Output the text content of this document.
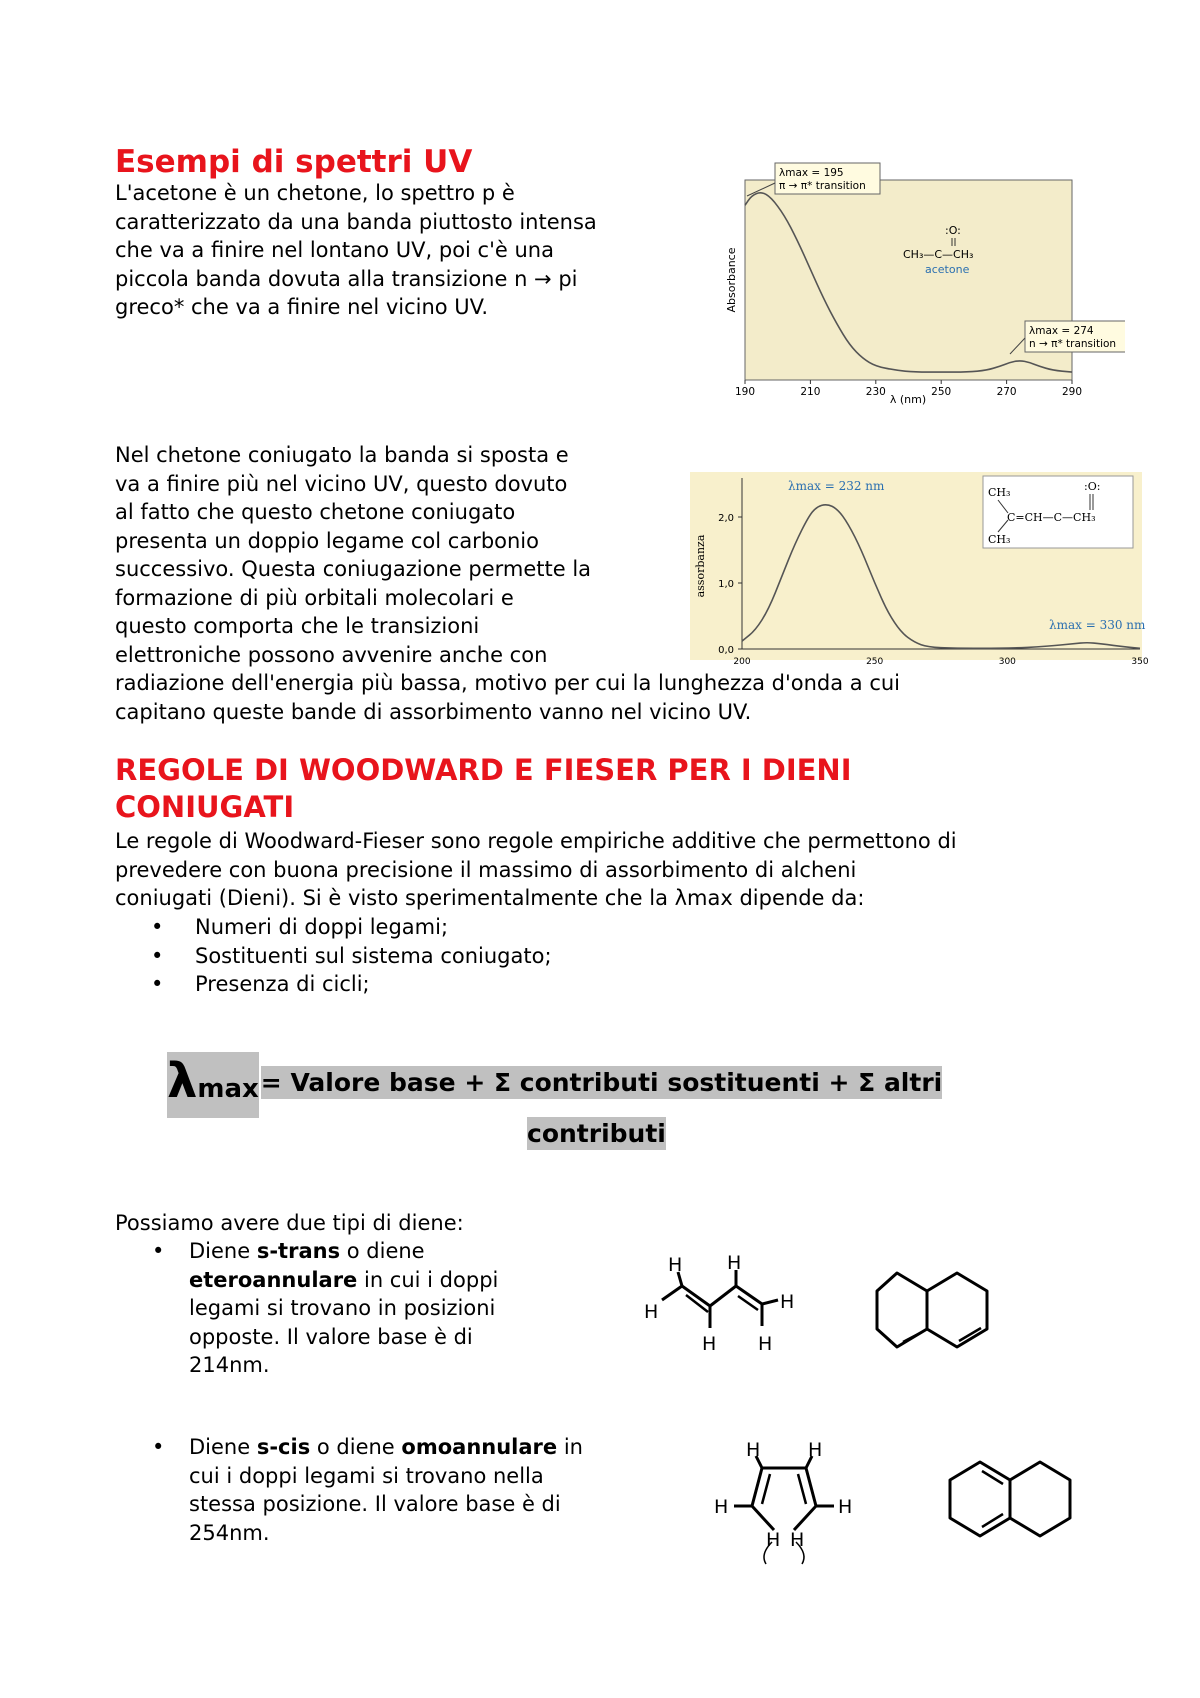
Esempi di spettri UV
L'acetone è un chetone, lo spettro p è
caratterizzato da una banda piuttosto intensa
che va a finire nel lontano UV, poi c'è una
piccola banda dovuta alla transizione n → pi
greco* che va a finire nel vicino UV.
190	210	230	250	270	290
λ (nm)
Absorbance
λmax = 195
π → π* transition
λmax = 274
n → π* transition
:O:
CH₃—C—CH₃
acetone
Nel chetone coniugato la banda si sposta e
va a finire più nel vicino UV, questo dovuto
al fatto che questo chetone coniugato
presenta un doppio legame col carbonio
successivo. Questa coniugazione permette la
formazione di più orbitali molecolari e
questo comporta che le transizioni
elettroniche possono avvenire anche con
radiazione dell'energia più bassa, motivo per cui la lunghezza d'onda a cui
capitano queste bande di assorbimento vanno nel vicino UV.
200	250	300	350
0,0
1,0
2,0
assorbanza
λmax = 232 nm
λmax = 330 nm
CH₃
CH₃
C=CH—C—CH₃
:O:
REGOLE DI WOODWARD E FIESER PER I DIENI
CONIUGATI
Le regole di Woodward-Fieser sono regole empiriche additive che permettono di
prevedere con buona precisione il massimo di assorbimento di alcheni
coniugati (Dieni). Si è visto sperimentalmente che la λmax dipende da:
• Numeri di doppi legami;
• Sostituenti sul sistema coniugato;
• Presenza di cicli;
λmax= Valore base + Σ contributi sostituenti + Σ altri
contributi
Possiamo avere due tipi di diene:
• Diene s-trans o diene
eteroannulare in cui i doppi
legami si trovano in posizioni
opposte. Il valore base è di
214nm.
H H
H
H
H H
• Diene s-cis o diene omoannulare in
cui i doppi legami si trovano nella
stessa posizione. Il valore base è di
254nm.
H	H
H	H
H H
